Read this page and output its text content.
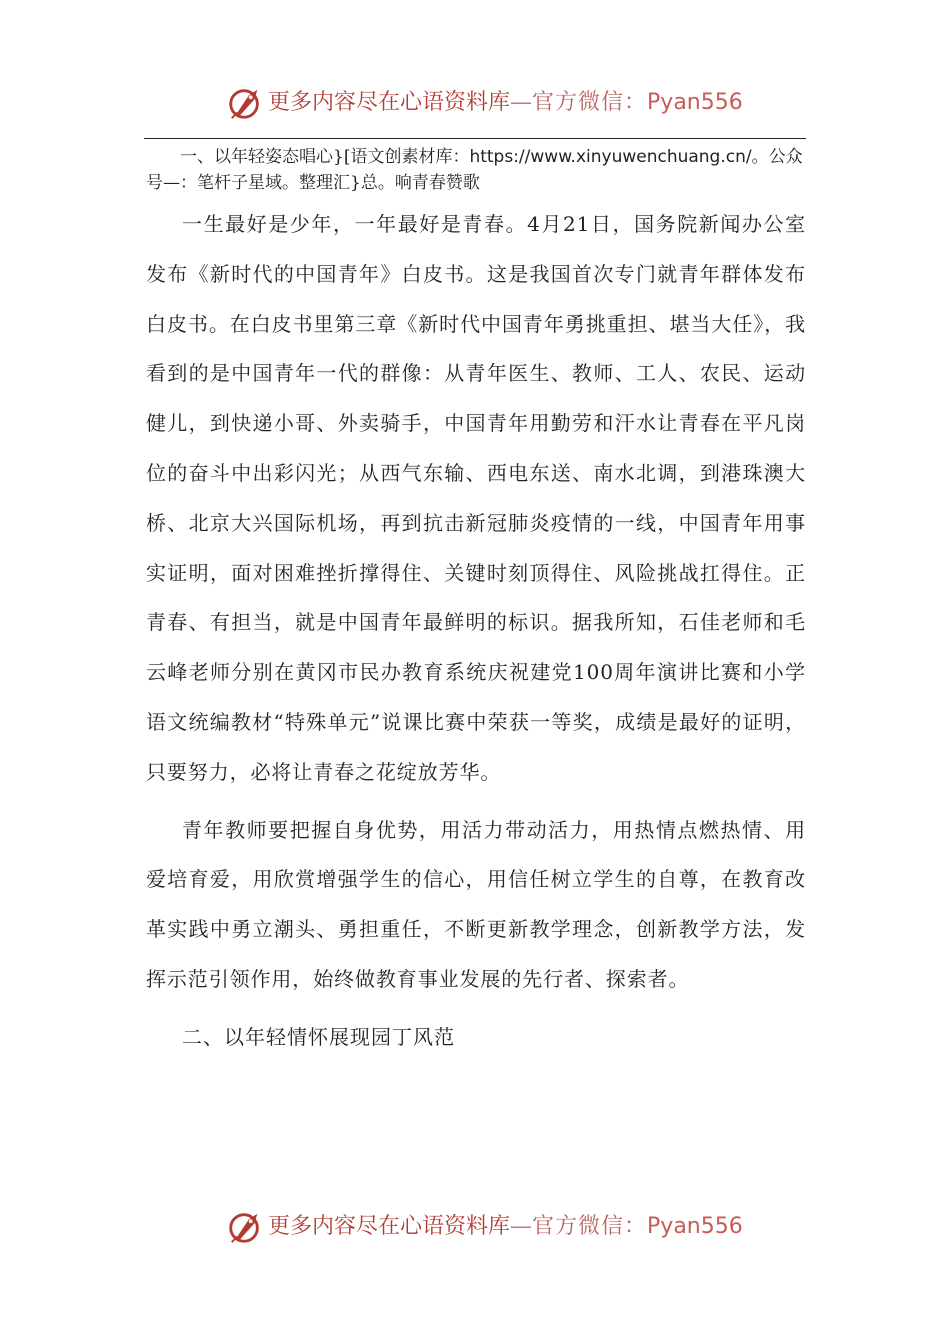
更多内容尽在心语资料库—官方微信：Pyan556

一、以年轻姿态唱心}[语文创素材库：https://www.xinyuwenchuang.cn/。公众号—：笔杆子星域。整理汇}总。响青春赞歌

一生最好是少年，一年最好是青春。4月21日，国务院新闻办公室发布《新时代的中国青年》白皮书。这是我国首次专门就青年群体发布白皮书。在白皮书里第三章《新时代中国青年勇挑重担、堪当大任》，我看到的是中国青年一代的群像：从青年医生、教师、工人、农民、运动健儿，到快递小哥、外卖骑手，中国青年用勤劳和汗水让青春在平凡岗位的奋斗中出彩闪光；从西气东输、西电东送、南水北调，到港珠澳大桥、北京大兴国际机场，再到抗击新冠肺炎疫情的一线，中国青年用事实证明，面对困难挫折撑得住、关键时刻顶得住、风险挑战扛得住。正青春、有担当，就是中国青年最鲜明的标识。据我所知，石佳老师和毛云峰老师分别在黄冈市民办教育系统庆祝建党100周年演讲比赛和小学语文统编教材“特殊单元”说课比赛中荣获一等奖，成绩是最好的证明，只要努力，必将让青春之花绽放芳华。

青年教师要把握自身优势，用活力带动活力，用热情点燃热情、用爱培育爱，用欣赏增强学生的信心，用信任树立学生的自尊，在教育改革实践中勇立潮头、勇担重任，不断更新教学理念，创新教学方法，发挥示范引领作用，始终做教育事业发展的先行者、探索者。

二、以年轻情怀展现园丁风范

更多内容尽在心语资料库—官方微信：Pyan556
